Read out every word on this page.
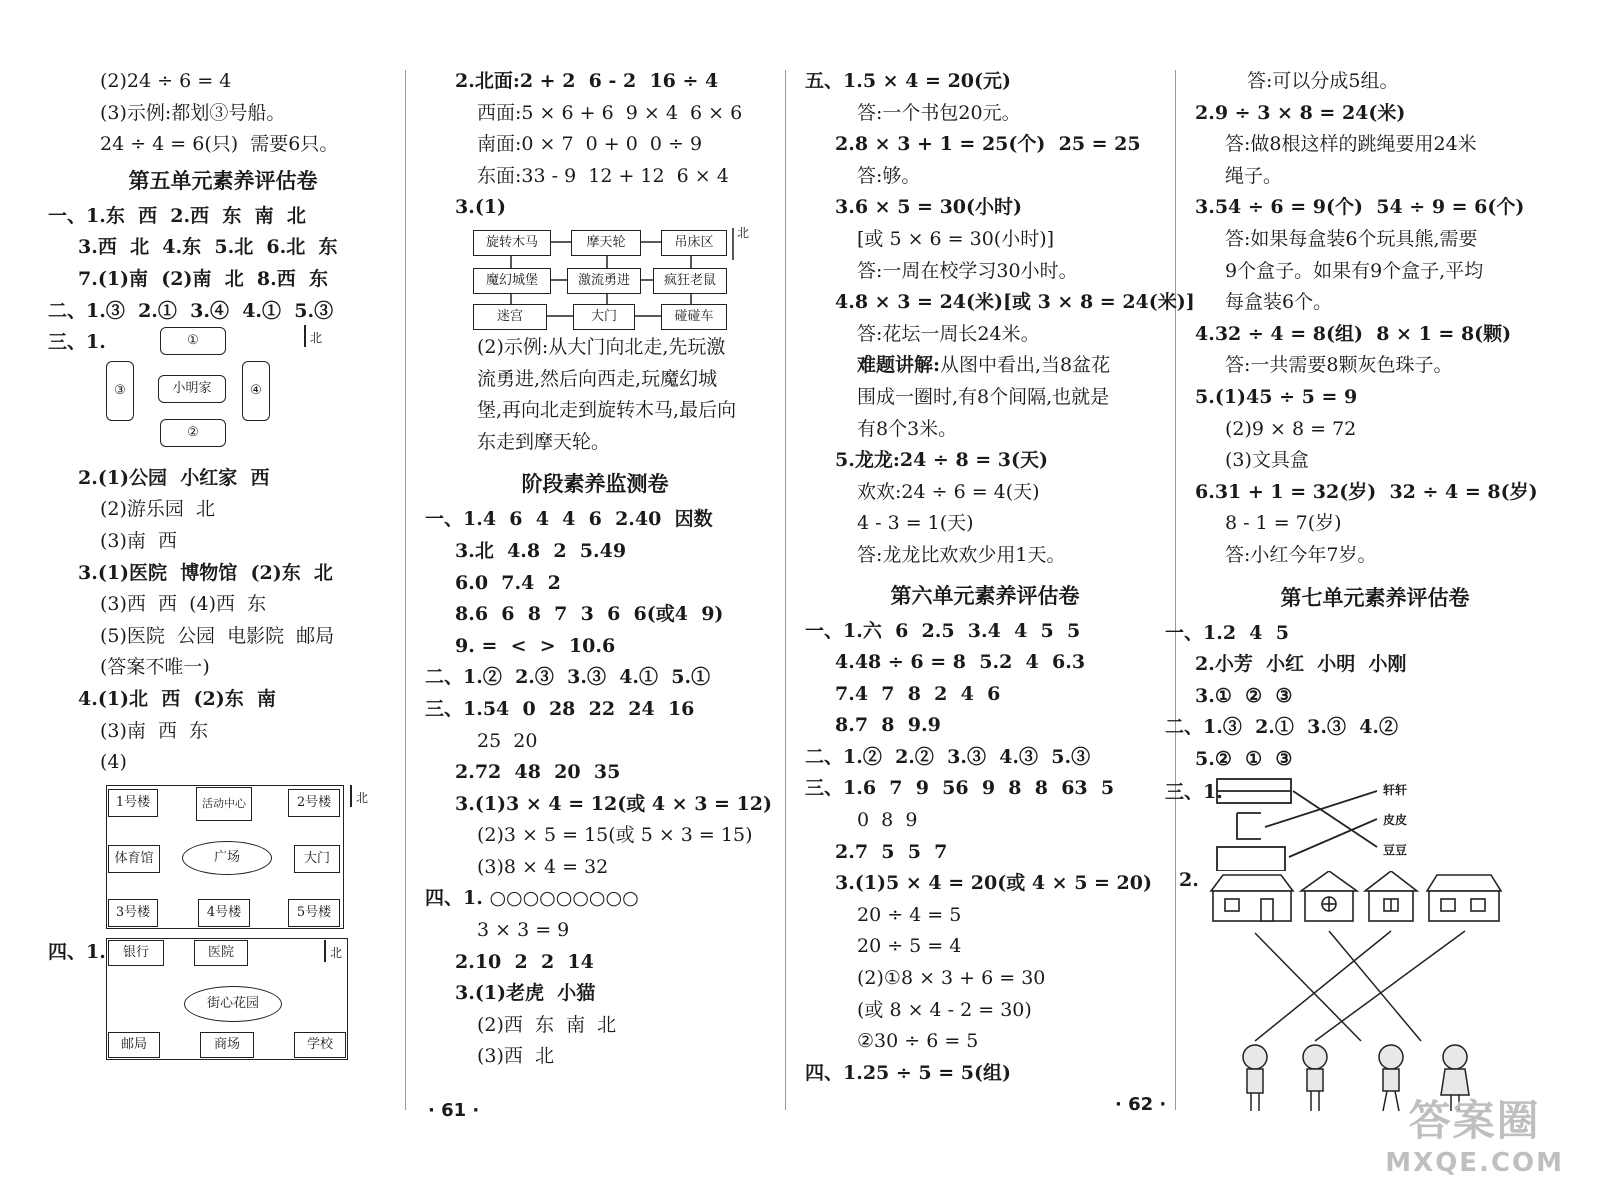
(2)24 ÷ 6 = 4
(3)示例:都划③号船。
24 ÷ 4 = 6(只)  需要6只。
第五单元素养评估卷
一、1.东  西  2.西  东  南  北
3.西  北  4.东  5.北  6.北  东
7.(1)南  (2)南  北  8.西  东
二、1.③  2.①  3.④  4.①  5.③
三、1.	①
③	小明家	④
②
北
2.(1)公园  小红家  西
(2)游乐园  北
(3)南  西
3.(1)医院  博物馆  (2)东  北
(3)西  西  (4)西  东
(5)医院  公园  电影院  邮局
(答案不唯一)
4.(1)北  西  (2)东  南
(3)南  西  东
(4)
1号楼	活动中心	2号楼
体育馆	广场	大门
3号楼	4号楼	5号楼
北
四、1.	银行	医院
街心花园
邮局	商场	学校
北
2.北面:2 + 2  6 - 2  16 ÷ 4
西面:5 × 6 + 6  9 × 4  6 × 6
南面:0 × 7  0 + 0  0 ÷ 9
东面:33 - 9  12 + 12  6 × 4
3.(1)
旋转木马	摩天轮	吊床区
魔幻城堡	激流勇进	疯狂老鼠
迷宫	大门	碰碰车
北
(2)示例:从大门向北走,先玩激
流勇进,然后向西走,玩魔幻城
堡,再向北走到旋转木马,最后向
东走到摩天轮。
阶段素养监测卷
一、1.4  6  4  4  6  2.40  因数
3.北  4.8  2  5.49
6.0  7.4  2
8.6  6  8  7  3  6  6(或4  9)
9. =  <  >  10.6
二、1.②  2.③  3.③  4.①  5.①
三、1.54  0  28  22  24  16
25  20
2.72  48  20  35
3.(1)3 × 4 = 12(或 4 × 3 = 12)
(2)3 × 5 = 15(或 5 × 3 = 15)
(3)8 × 4 = 32
四、1. ○○○○○○○○○
3 × 3 = 9
2.10  2  2  14
3.(1)老虎  小猫
(2)西  东  南  北
(3)西  北
五、1.5 × 4 = 20(元)
答:一个书包20元。
2.8 × 3 + 1 = 25(个)  25 = 25
答:够。
3.6 × 5 = 30(小时)
[或 5 × 6 = 30(小时)]
答:一周在校学习30小时。
4.8 × 3 = 24(米)[或 3 × 8 = 24(米)]
答:花坛一周长24米。
难题讲解:从图中看出,当8盆花
围成一圈时,有8个间隔,也就是
有8个3米。
5.龙龙:24 ÷ 8 = 3(天)
欢欢:24 ÷ 6 = 4(天)
4 - 3 = 1(天)
答:龙龙比欢欢少用1天。
第六单元素养评估卷
一、1.六  6  2.5  3.4  4  5  5
4.48 ÷ 6 = 8  5.2  4  6.3
7.4  7  8  2  4  6
8.7  8  9.9
二、1.②  2.②  3.③  4.③  5.③
三、1.6  7  9  56  9  8  8  63  5
0  8  9
2.7  5  5  7
3.(1)5 × 4 = 20(或 4 × 5 = 20)
20 ÷ 4 = 5
20 ÷ 5 = 4
(2)①8 × 3 + 6 = 30
(或 8 × 4 - 2 = 30)
②30 ÷ 6 = 5
四、1.25 ÷ 5 = 5(组)
答:可以分成5组。
2.9 ÷ 3 × 8 = 24(米)
答:做8根这样的跳绳要用24米
绳子。
3.54 ÷ 6 = 9(个)  54 ÷ 9 = 6(个)
答:如果每盒装6个玩具熊,需要
9个盒子。如果有9个盒子,平均
每盒装6个。
4.32 ÷ 4 = 8(组)  8 × 1 = 8(颗)
答:一共需要8颗灰色珠子。
5.(1)45 ÷ 5 = 9
(2)9 × 8 = 72
(3)文具盒
6.31 + 1 = 32(岁)  32 ÷ 4 = 8(岁)
8 - 1 = 7(岁)
答:小红今年7岁。
第七单元素养评估卷
一、1.2  4  5
2.小芳  小红  小明  小刚
3.①  ②  ③
二、1.③  2.①  3.③  4.②
5.②  ①  ③
三、1.	轩轩
皮皮
豆豆
2.
· 61 ·	· 62 ·	答案圈
MXQE.COM
